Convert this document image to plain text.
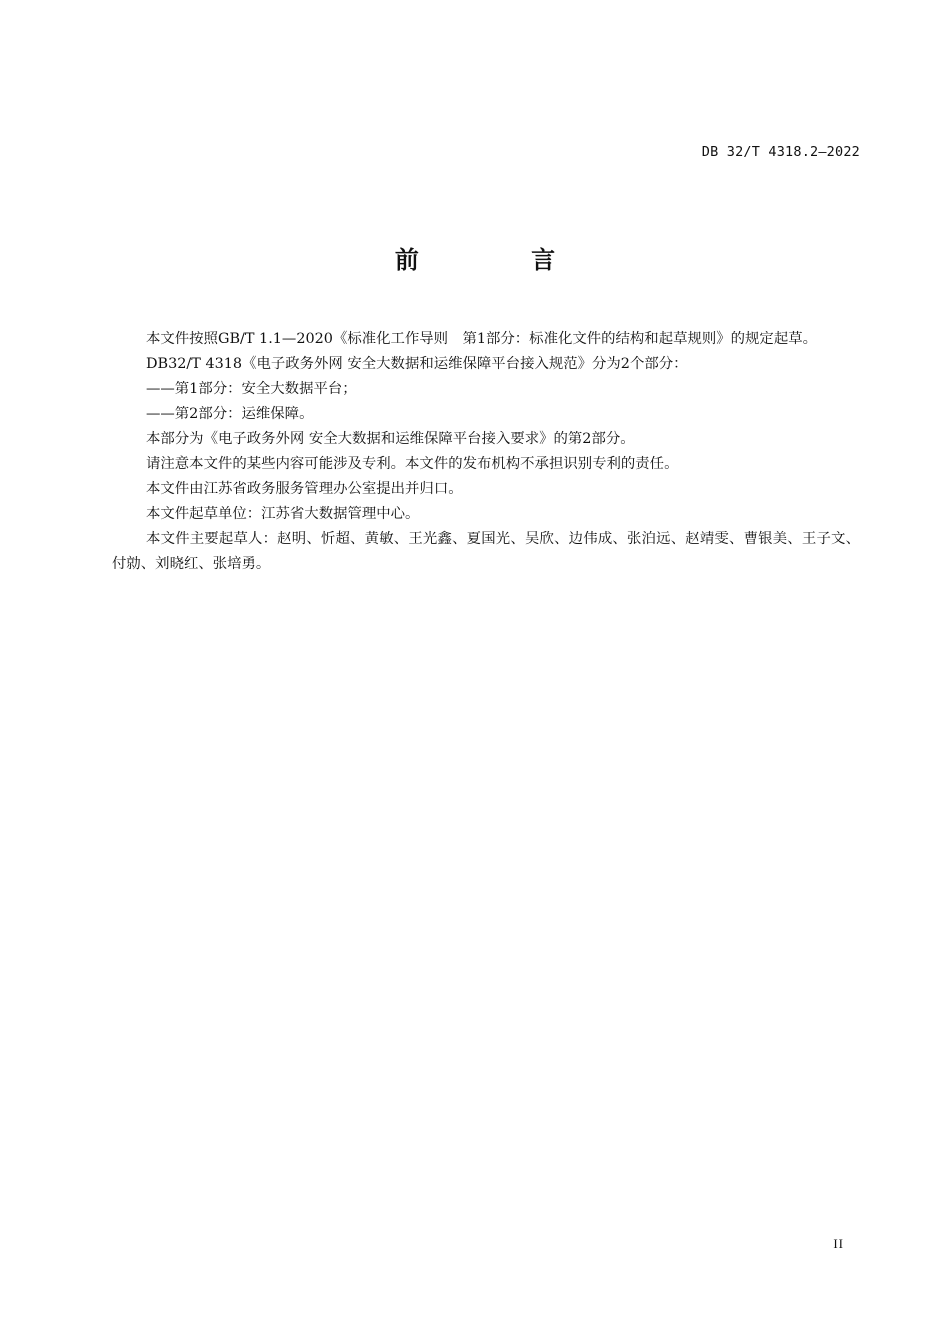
DB 32/T 4318.2—2022
前 言

本文件按照GB/T 1.1—2020《标准化工作导则　第1部分：标准化文件的结构和起草规则》的规定起草。

DB32/T 4318《电子政务外网 安全大数据和运维保障平台接入规范》分为2个部分：

——第1部分：安全大数据平台；

——第2部分：运维保障。

本部分为《电子政务外网 安全大数据和运维保障平台接入要求》的第2部分。

请注意本文件的某些内容可能涉及专利。本文件的发布机构不承担识别专利的责任。

本文件由江苏省政务服务管理办公室提出并归口。

本文件起草单位：江苏省大数据管理中心。

本文件主要起草人：赵明、忻超、黄敏、王光鑫、夏国光、吴欣、边伟成、张泊远、赵靖雯、曹银美、王子文、付勍、刘晓红、张培勇。

II
